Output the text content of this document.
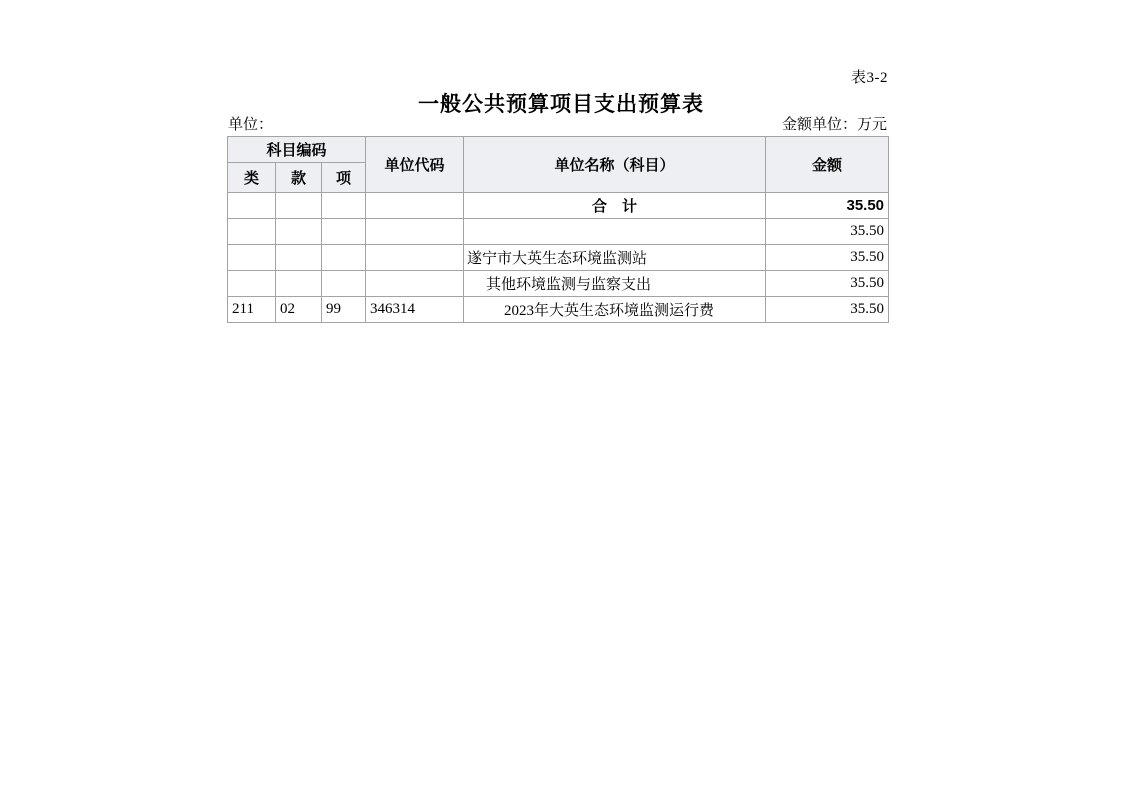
表3-2
一般公共预算项目支出预算表
单位：	金额单位：万元
科目编码			单位代码	单位名称（科目）	金额
类	款	项			
				合　计	35.50
					35.50
				遂宁市大英生态环境监测站	35.50
				其他环境监测与监察支出	35.50
211	02	99	346314	2023年大英生态环境监测运行费	35.50
